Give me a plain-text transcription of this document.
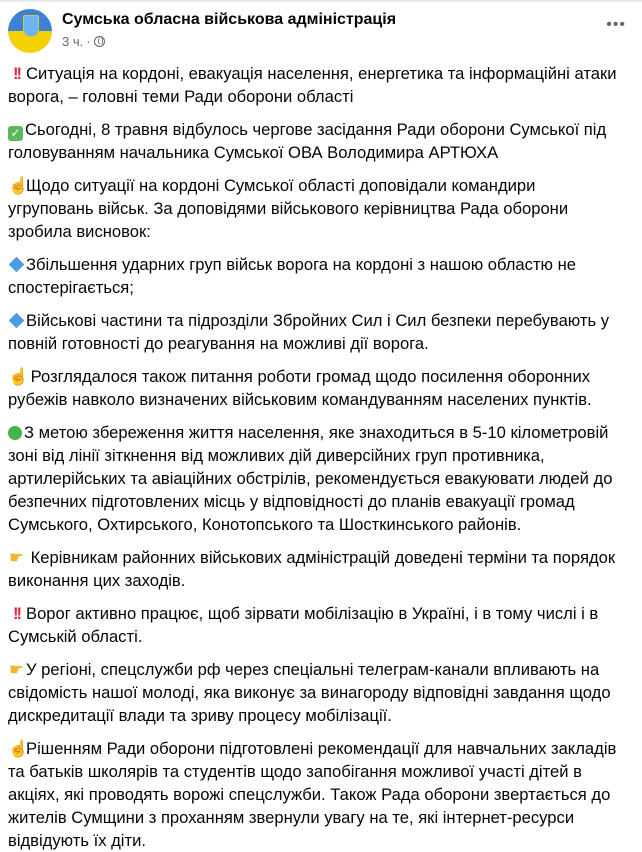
Сумська обласна військова адміністрація
3 ч. ·
•••
!! Ситуація на кордоні, евакуація населення, енергетика та інформаційні атаки
ворога, – головні теми Ради оборони області
✓ Сьогодні, 8 травня відбулось чергове засідання Ради оборони Сумської під
головуванням начальника Сумської ОВА Володимира АРТЮХА
☝Щодо ситуації на кордоні Сумської області доповідали командири
угруповань військ. За доповідями військового керівництва Рада оборони
зробила висновок:
Збільшення ударних груп військ ворога на кордоні з нашою областю не
спостерігається;
Військові частини та підрозділи Збройних Сил і Сил безпеки перебувають у
повній готовності до реагування на можливі дії ворога.
☝ Розглядалося також питання роботи громад щодо посилення оборонних
рубежів навколо визначених військовим командуванням населених пунктів.
З метою збереження життя населення, яке знаходиться в 5-10 кілометровій
зоні від лінії зіткнення від можливих дій диверсійних груп противника,
артилерійських та авіаційних обстрілів, рекомендується евакуювати людей до
безпечних підготовлених місць у відповідності до планів евакуації громад
Сумського, Охтирського, Конотопського та Шосткинського районів.
☛ Керівникам районних військових адміністрацій доведені терміни та порядок
виконання цих заходів.
!! Ворог активно працює, щоб зірвати мобілізацію в Україні, і в тому числі і в
Сумській області.
☛ У регіоні, спецслужби рф через спеціальні телеграм-канали впливають на
свідомість нашої молоді, яка виконує за винагороду відповідні завдання щодо
дискредитації влади та зриву процесу мобілізації.
☝Рішенням Ради оборони підготовлені рекомендації для навчальних закладів
та батьків школярів та студентів щодо запобігання можливої участі дітей в
акціях, які проводять ворожі спецслужби. Також Рада оборони звертається до
жителів Сумщини з проханням звернули увагу на те, які інтернет-ресурси
відвідують їх діти.
